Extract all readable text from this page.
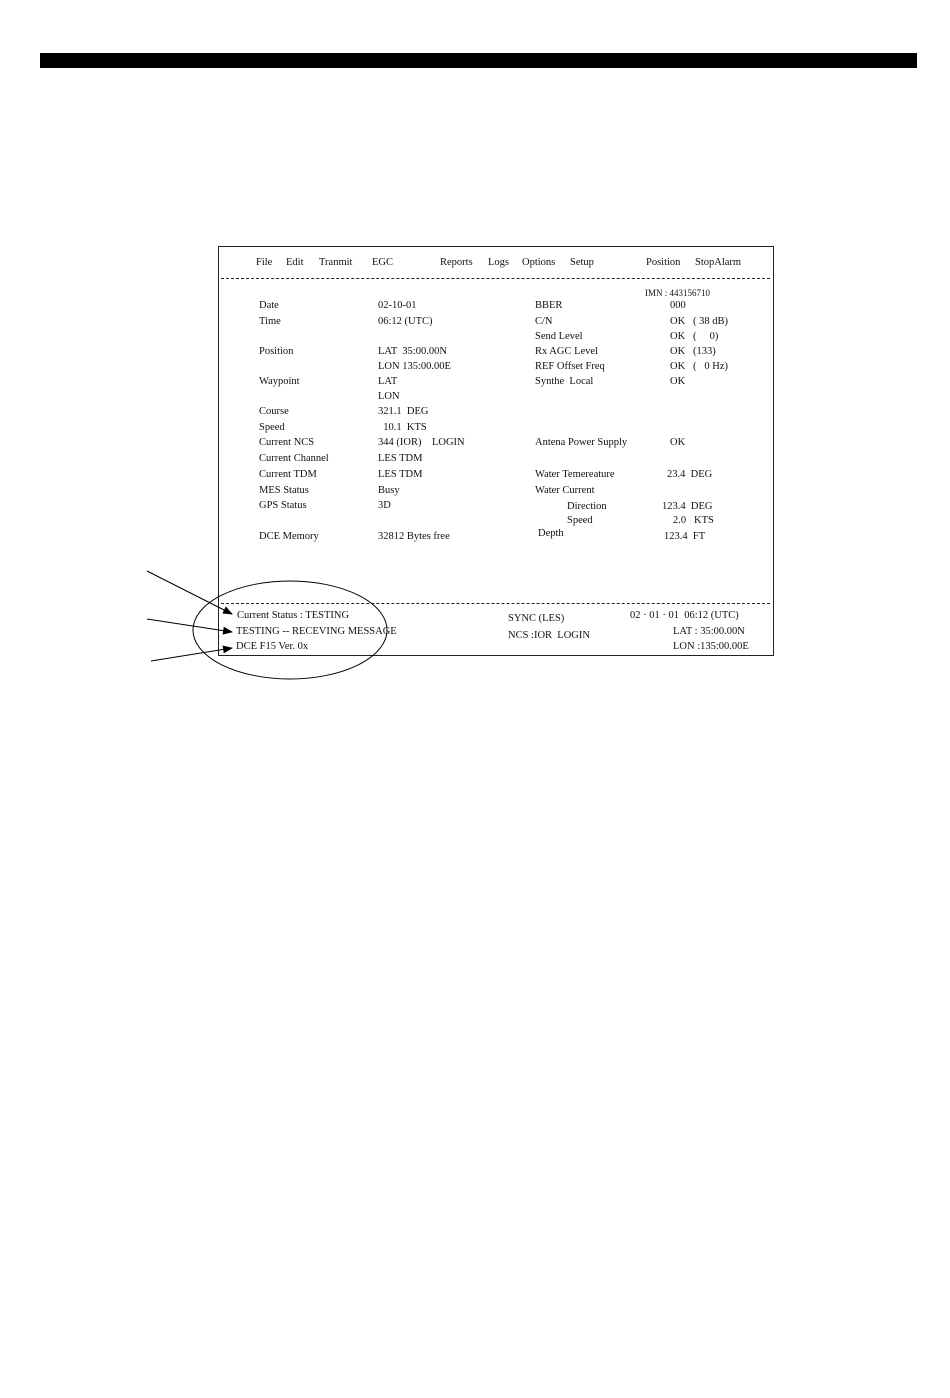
File Edit Tranmit EGC	Reports Logs Options Setup	Position StopAlarm
IMN : 443156710
Date	02-10-01
Time	06:12 (UTC)
Position	LAT  35:00.00N
LON 135:00.00E
Waypoint	LAT
LON
Course	321.1  DEG
Speed	10.1  KTS
Current NCS	344 (IOR)    LOGIN
Current Channel	LES TDM
Current TDM	LES TDM
MES Status	Busy
GPS Status	3D
DCE Memory	32812 Bytes free
BBER	000
C/N	OK   ( 38 dB)
Send Level	OK   (     0)
Rx AGC Level	OK   (133)
REF Offset Freq	OK   (   0 Hz)
Synthe  Local	OK
Antena Power Supply	OK
Water Temereature	23.4  DEG
Water Current
Direction	123.4  DEG
Speed	2.0   KTS
Depth	123.4  FT
Current Status : TESTING
TESTING -- RECEVING MESSAGE
DCE F15 Ver. 0x
SYNC (LES)
NCS :IOR  LOGIN
02 · 01 · 01  06:12 (UTC)
LAT : 35:00.00N
LON :135:00.00E
